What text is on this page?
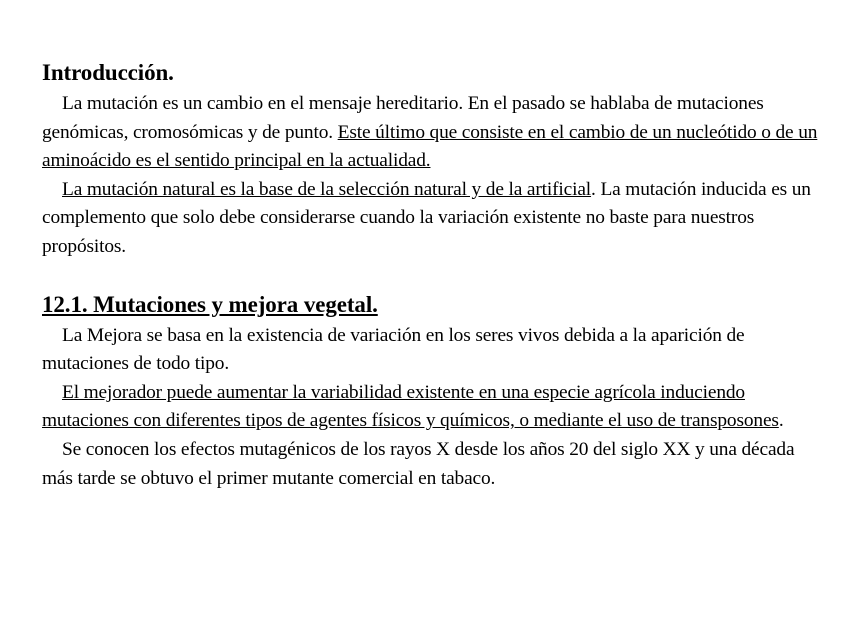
Introducción.

La mutación es un cambio en el mensaje hereditario. En el pasado se hablaba de mutaciones genómicas, cromosómicas y de punto. Este último que consiste en el cambio de un nucleótido o de un aminoácido es el sentido principal en la actualidad.

La mutación natural es la base de la selección natural y de la artificial. La mutación inducida es un complemento que solo debe considerarse cuando la variación existente no baste para nuestros propósitos.

12.1. Mutaciones y mejora vegetal.

La Mejora se basa en la existencia de variación en los seres vivos debida a la aparición de mutaciones de todo tipo.

El mejorador puede aumentar la variabilidad existente en una especie agrícola induciendo mutaciones con diferentes tipos de agentes físicos y químicos, o mediante el uso de transposones.

Se conocen los efectos mutagénicos de los rayos X desde los años 20 del siglo XX y una década más tarde se obtuvo el primer mutante comercial en tabaco.
